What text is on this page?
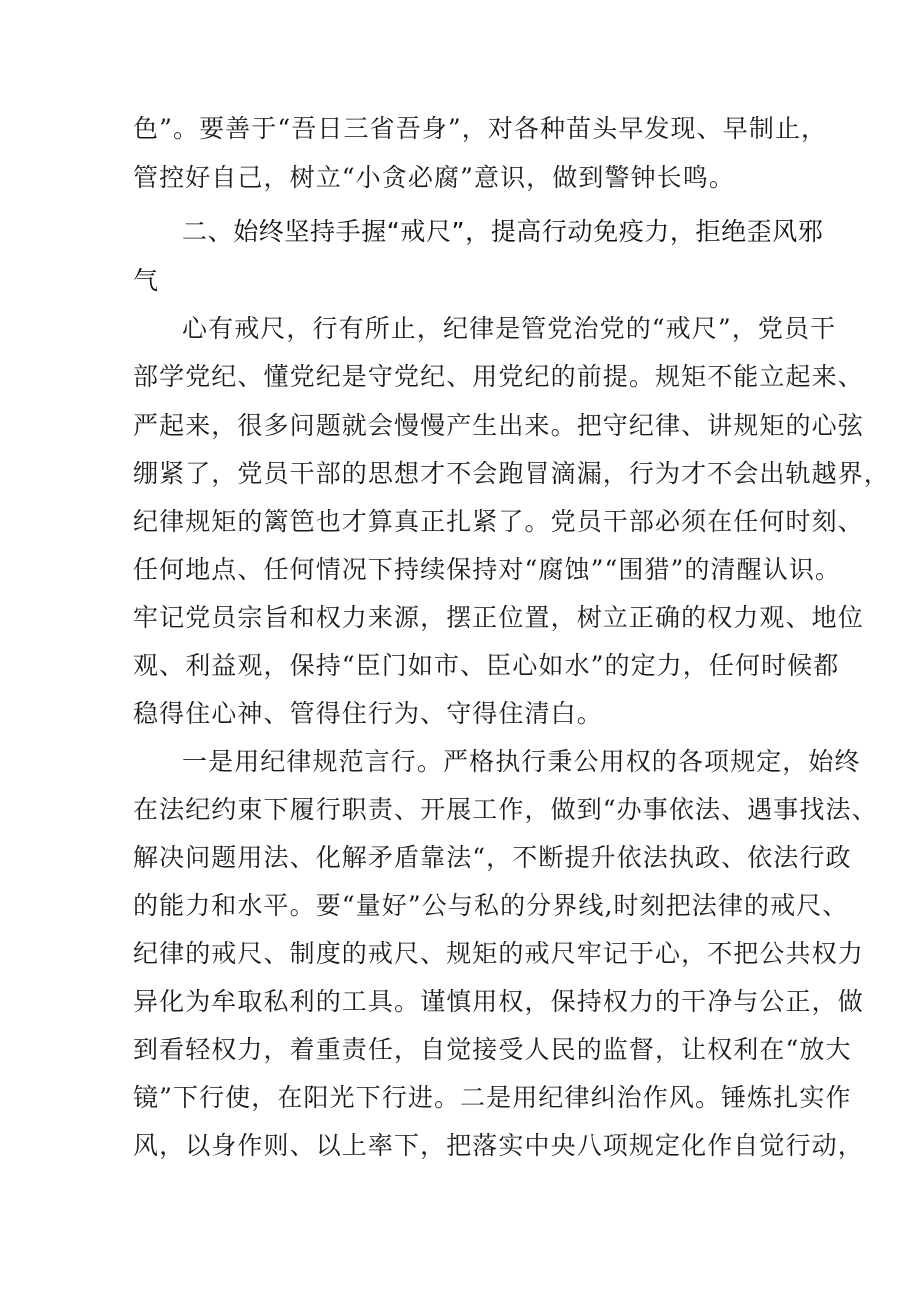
色”。要善于“吾日三省吾身”，对各种苗头早发现、早制止，
管控好自己，树立“小贪必腐”意识，做到警钟长鸣。
二、始终坚持手握“戒尺”，提高行动免疫力，拒绝歪风邪
气
心有戒尺，行有所止，纪律是管党治党的“戒尺”，党员干
部学党纪、懂党纪是守党纪、用党纪的前提。规矩不能立起来、
严起来，很多问题就会慢慢产生出来。把守纪律、讲规矩的心弦
绷紧了，党员干部的思想才不会跑冒滴漏，行为才不会出轨越界，
纪律规矩的篱笆也才算真正扎紧了。党员干部必须在任何时刻、
任何地点、任何情况下持续保持对“腐蚀”“围猎”的清醒认识。
牢记党员宗旨和权力来源，摆正位置，树立正确的权力观、地位
观、利益观，保持“臣门如市、臣心如水”的定力，任何时候都
稳得住心神、管得住行为、守得住清白。
一是用纪律规范言行。严格执行秉公用权的各项规定，始终
在法纪约束下履行职责、开展工作，做到“办事依法、遇事找法、
解决问题用法、化解矛盾靠法“，不断提升依法执政、依法行政
的能力和水平。要“量好”公与私的分界线,时刻把法律的戒尺、
纪律的戒尺、制度的戒尺、规矩的戒尺牢记于心，不把公共权力
异化为牟取私利的工具。谨慎用权，保持权力的干净与公正，做
到看轻权力，着重责任，自觉接受人民的监督，让权利在“放大
镜”下行使，在阳光下行进。二是用纪律纠治作风。锤炼扎实作
风，以身作则、以上率下，把落实中央八项规定化作自觉行动，
